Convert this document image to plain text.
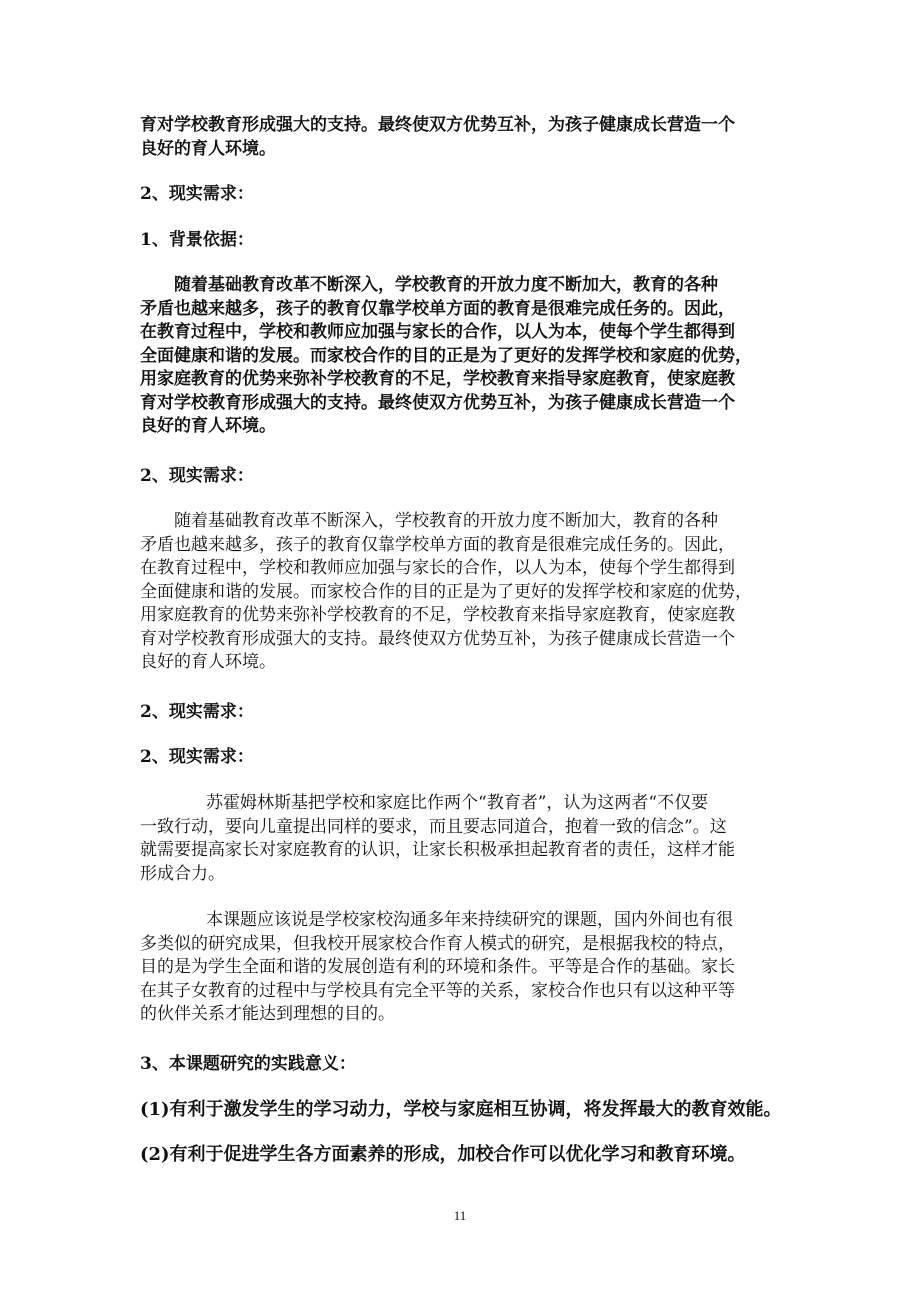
育对学校教育形成强大的支持。最终使双方优势互补，为孩子健康成长营造一个
良好的育人环境。

2、现实需求：

1、背景依据：

随着基础教育改革不断深入，学校教育的开放力度不断加大，教育的各种
矛盾也越来越多，孩子的教育仅靠学校单方面的教育是很难完成任务的。因此，
在教育过程中，学校和教师应加强与家长的合作，以人为本，使每个学生都得到
全面健康和谐的发展。而家校合作的目的正是为了更好的发挥学校和家庭的优势，
用家庭教育的优势来弥补学校教育的不足，学校教育来指导家庭教育，使家庭教
育对学校教育形成强大的支持。最终使双方优势互补，为孩子健康成长营造一个
良好的育人环境。

2、现实需求：

随着基础教育改革不断深入，学校教育的开放力度不断加大，教育的各种
矛盾也越来越多，孩子的教育仅靠学校单方面的教育是很难完成任务的。因此，
在教育过程中，学校和教师应加强与家长的合作，以人为本，使每个学生都得到
全面健康和谐的发展。而家校合作的目的正是为了更好的发挥学校和家庭的优势，
用家庭教育的优势来弥补学校教育的不足，学校教育来指导家庭教育，使家庭教
育对学校教育形成强大的支持。最终使双方优势互补，为孩子健康成长营造一个
良好的育人环境。

2、现实需求：

2、现实需求：

苏霍姆林斯基把学校和家庭比作两个“教育者”，认为这两者“不仅要
一致行动，要向儿童提出同样的要求，而且要志同道合，抱着一致的信念”。这
就需要提高家长对家庭教育的认识，让家长积极承担起教育者的责任，这样才能
形成合力。
本课题应该说是学校家校沟通多年来持续研究的课题，国内外间也有很
多类似的研究成果，但我校开展家校合作育人模式的研究，是根据我校的特点，
目的是为学生全面和谐的发展创造有利的环境和条件。平等是合作的基础。家长
在其子女教育的过程中与学校具有完全平等的关系，家校合作也只有以这种平等
的伙伴关系才能达到理想的目的。

3、本课题研究的实践意义：

(1)有利于激发学生的学习动力，学校与家庭相互协调，将发挥最大的教育效能。

(2)有利于促进学生各方面素养的形成，加校合作可以优化学习和教育环境。

11
